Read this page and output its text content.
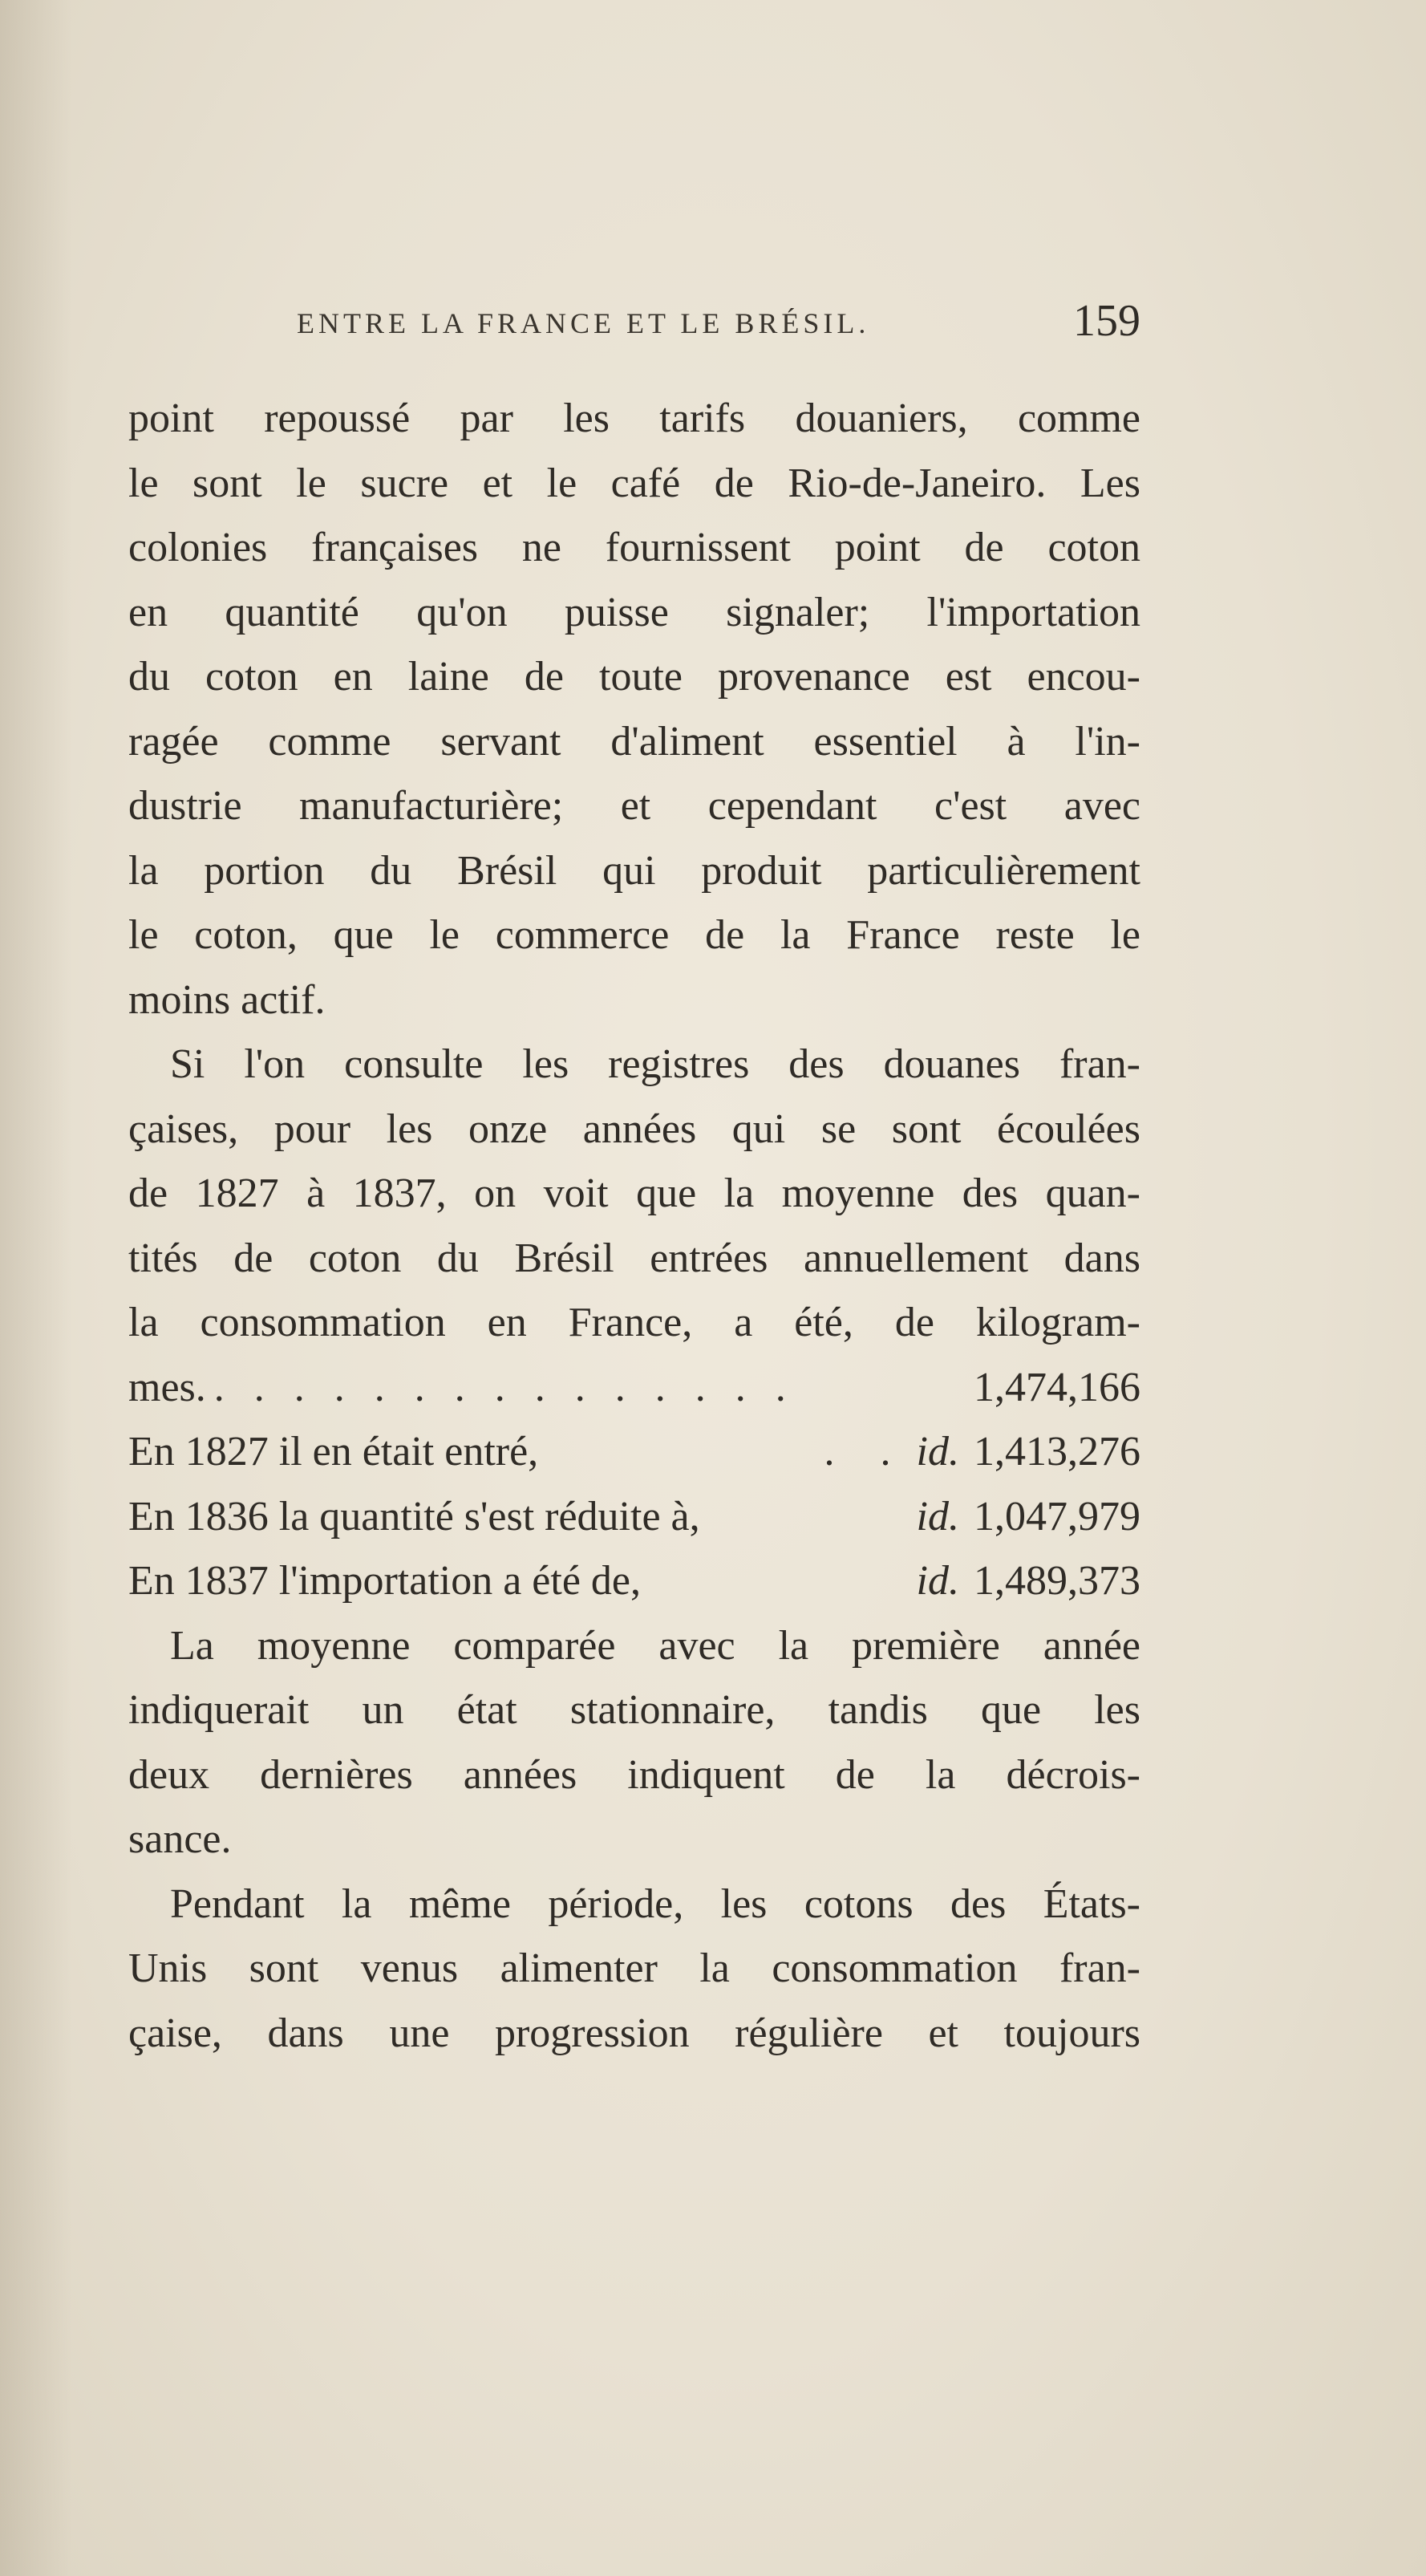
ENTRE LA FRANCE ET LE BRÉSIL.	159
point repoussé par les tarifs douaniers, comme
le sont le sucre et le café de Rio-de-Janeiro. Les
colonies françaises ne fournissent point de coton
en quantité qu'on puisse signaler; l'importation
du coton en laine de toute provenance est encou-
ragée comme servant d'aliment essentiel à l'in-
dustrie manufacturière; et cependant c'est avec
la portion du Brésil qui produit particulièrement
le coton, que le commerce de la France reste le
moins actif.
Si l'on consulte les registres des douanes fran-
çaises, pour les onze années qui se sont écoulées
de 1827 à 1837, on voit que la moyenne des quan-
tités de coton du Brésil entrées annuellement dans
la consommation en France, a été, de kilogram-
mes. . . . . . . . . . . . . . . .	1,474,166
En 1827 il en était entré,	. . id. 1,413,276
En 1836 la quantité s'est réduite à,	id. 1,047,979
En 1837 l'importation a été de,	id. 1,489,373
La moyenne comparée avec la première année
indiquerait un état stationnaire, tandis que les
deux dernières années indiquent de la décrois-
sance.
Pendant la même période, les cotons des États-
Unis sont venus alimenter la consommation fran-
çaise, dans une progression régulière et toujours
